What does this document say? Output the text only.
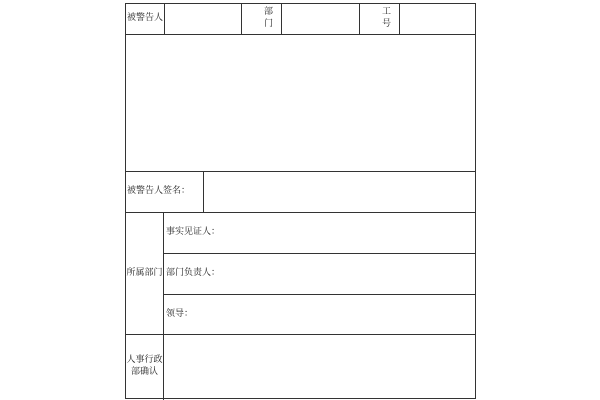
被警告人
部门
工号
被警告人签名：
所属部门
事实见证人：
部门负责人：
领导：
人事行政
部确认
